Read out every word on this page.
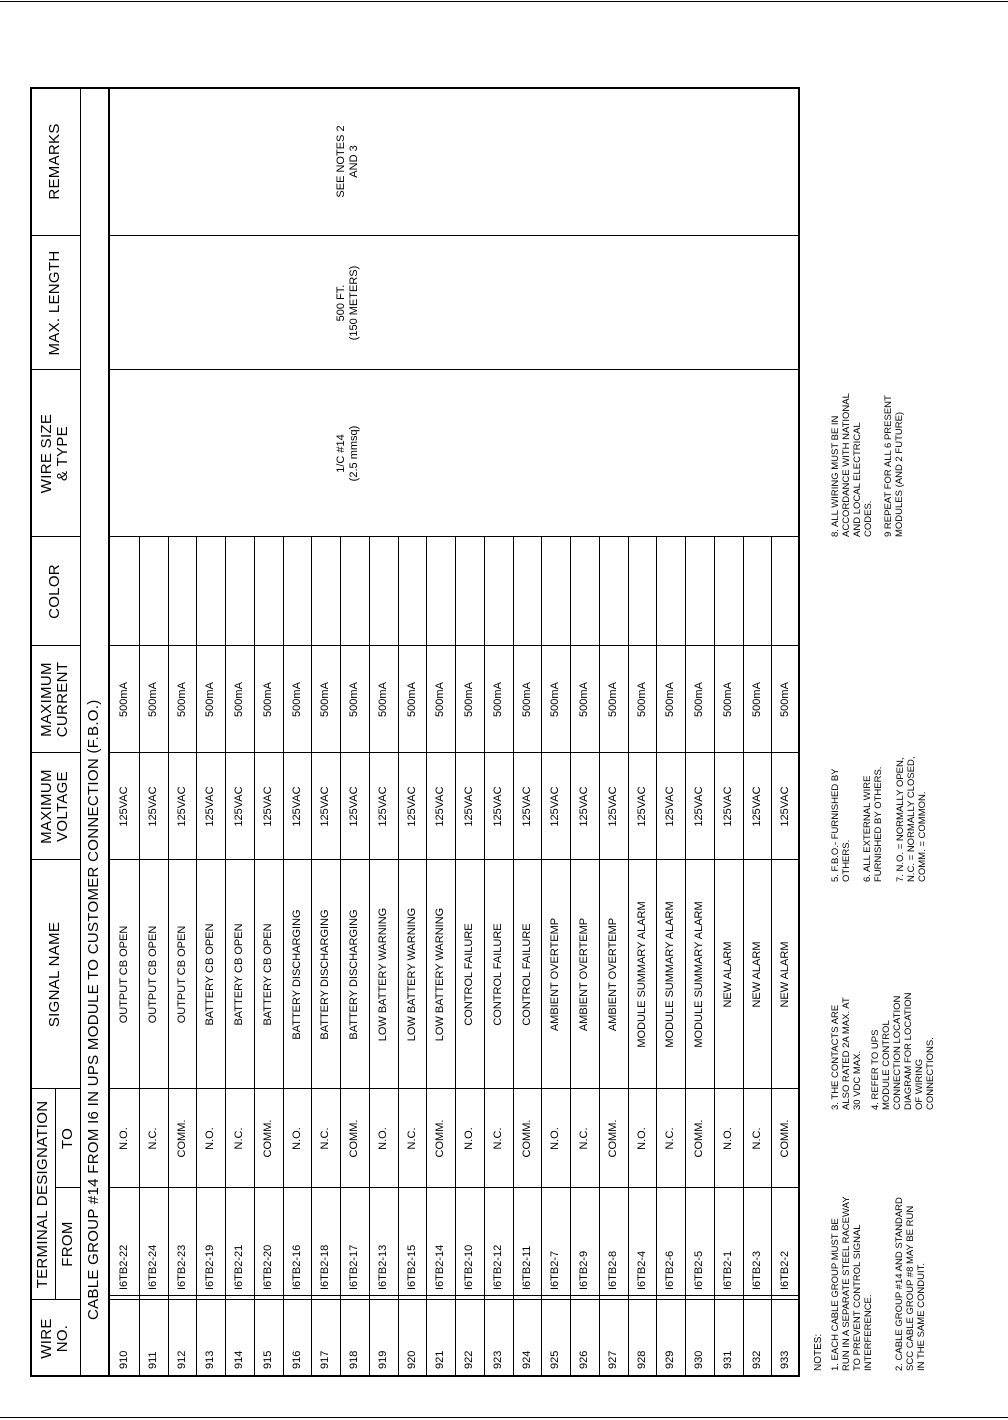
WIRE NO.
TERMINAL DESIGNATION FROM
TO
SIGNAL NAME
MAXIMUM VOLTAGE
MAXIMUM CURRENT
COLOR
WIRE SIZE & TYPE
MAX. LENGTH
REMARKS
CABLE GROUP #14 FROM I6 IN UPS MODULE TO CUSTOMER CONNECTION (F.B.O.)
910
I6TB2-22
N.O.
OUTPUT CB OPEN
125VAC
500mA
911
I6TB2-24
N.C.
OUTPUT CB OPEN
125VAC
500mA
912
I6TB2-23
COMM.
OUTPUT CB OPEN
125VAC
500mA
913
I6TB2-19
N.O.
BATTERY CB OPEN
125VAC
500mA
914
I6TB2-21
N.C.
BATTERY CB OPEN
125VAC
500mA
915
I6TB2-20
COMM.
BATTERY CB OPEN
125VAC
500mA
916
I6TB2-16
N.O.
BATTERY DISCHARGING
125VAC
500mA
917
I6TB2-18
N.C.
BATTERY DISCHARGING
125VAC
500mA
918
I6TB2-17
COMM.
BATTERY DISCHARGING
125VAC
500mA
919
I6TB2-13
N.O.
LOW BATTERY WARNING
125VAC
500mA
920
I6TB2-15
N.C.
LOW BATTERY WARNING
125VAC
500mA
921
I6TB2-14
COMM.
LOW BATTERY WARNING
125VAC
500mA
922
I6TB2-10
N.O.
CONTROL FAILURE
125VAC
500mA
923
I6TB2-12
N.C.
CONTROL FAILURE
125VAC
500mA
924
I6TB2-11
COMM.
CONTROL FAILURE
125VAC
500mA
925
I6TB2-7
N.O.
AMBIENT OVERTEMP
125VAC
500mA
926
I6TB2-9
N.C.
AMBIENT OVERTEMP
125VAC
500mA
927
I6TB2-8
COMM.
AMBIENT OVERTEMP
125VAC
500mA
928
I6TB2-4
N.O.
MODULE SUMMARY ALARM
125VAC
500mA
929
I6TB2-6
N.C.
MODULE SUMMARY ALARM
125VAC
500mA
930
I6TB2-5
COMM.
MODULE SUMMARY ALARM
125VAC
500mA
931
I6TB2-1
N.O.
NEW ALARM
125VAC
500mA
932
I6TB2-3
N.C.
NEW ALARM
125VAC
500mA
933
I6TB2-2
COMM.
NEW ALARM
125VAC
500mA
1/C #14 (2.5 mmsq)
500 FT. (150 METERS)
SEE NOTES 2 AND 3
NOTES: 1. EACH CABLE GROUP MUST BE RUN IN A SEPARATE STEEL RACEWAY TO PREVENT CONTROL SIGNAL INTERFERENCE. 2. CABLE GROUP #14 AND STANDARD SCC CABLE GROUP #8 MAY BE RUN IN THE SAME CONDUIT.
3. THE CONTACTS ARE ALSO RATED 2A MAX. AT 30 VDC MAX. 4. REFER TO UPS MODULE CONTROL CONNECTION LOCATION DIAGRAM FOR LOCATION OF WIRING CONNECTIONS.
5. F.B.O.- FURNISHED BY OTHERS. 6. ALL EXTERNAL WIRE FURNISHED BY OTHERS. 7. N.O. = NORMALLY OPEN, N.C. = NORMALLY CLOSED, COMM. = COMMON.
8. ALL WIRING MUST BE IN ACCORDANCE WITH NATIONAL AND LOCAL ELECTRICAL CODES. 9 REPEAT FOR ALL 6 PRESENT MODULES (AND 2 FUTURE)
